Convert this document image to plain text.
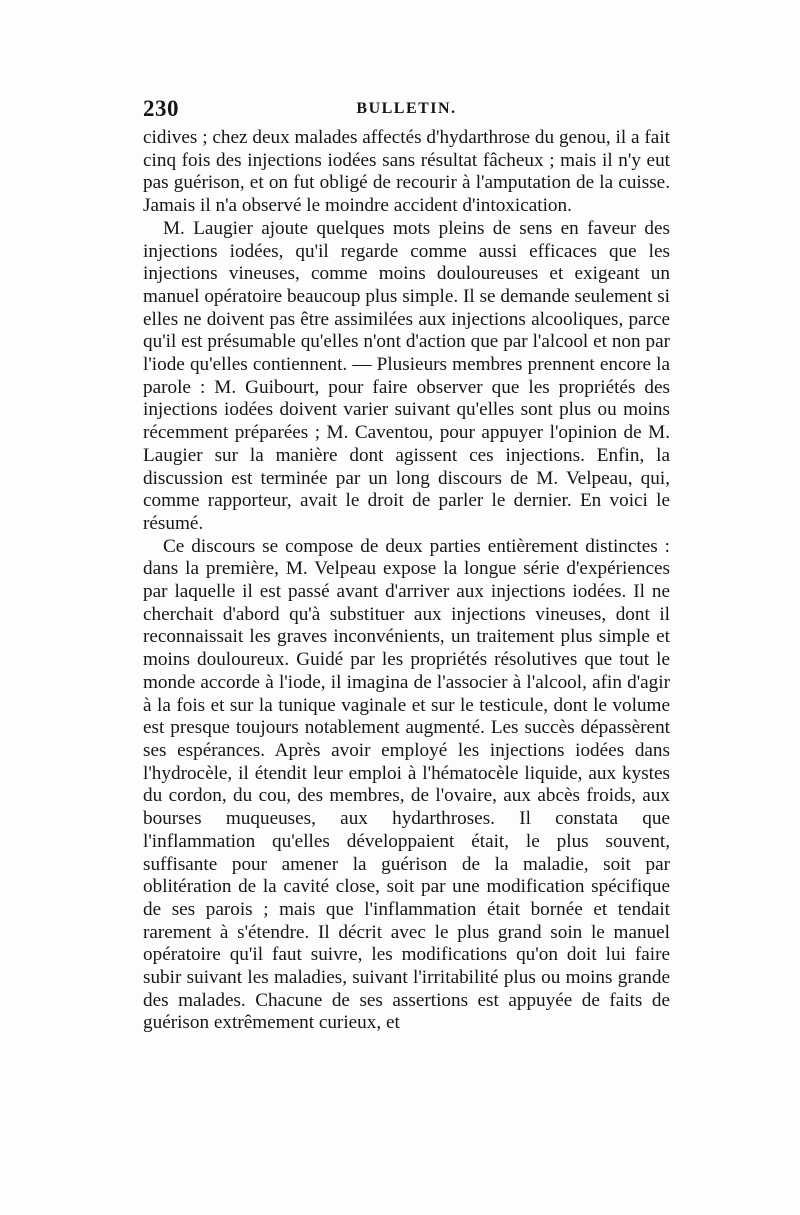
230	BULLETIN.

cidives ; chez deux malades affectés d'hydarthrose du genou, il a fait cinq fois des injections iodées sans résultat fâcheux ; mais il n'y eut pas guérison, et on fut obligé de recourir à l'amputation de la cuisse. Jamais il n'a observé le moindre accident d'intoxication.

M. Laugier ajoute quelques mots pleins de sens en faveur des injections iodées, qu'il regarde comme aussi efficaces que les injections vineuses, comme moins douloureuses et exigeant un manuel opératoire beaucoup plus simple. Il se demande seulement si elles ne doivent pas être assimilées aux injections alcooliques, parce qu'il est présumable qu'elles n'ont d'action que par l'alcool et non par l'iode qu'elles contiennent. — Plusieurs membres prennent encore la parole : M. Guibourt, pour faire observer que les propriétés des injections iodées doivent varier suivant qu'elles sont plus ou moins récemment préparées ; M. Caventou, pour appuyer l'opinion de M. Laugier sur la manière dont agissent ces injections. Enfin, la discussion est terminée par un long discours de M. Velpeau, qui, comme rapporteur, avait le droit de parler le dernier. En voici le résumé.

Ce discours se compose de deux parties entièrement distinctes : dans la première, M. Velpeau expose la longue série d'expériences par laquelle il est passé avant d'arriver aux injections iodées. Il ne cherchait d'abord qu'à substituer aux injections vineuses, dont il reconnaissait les graves inconvénients, un traitement plus simple et moins douloureux. Guidé par les propriétés résolutives que tout le monde accorde à l'iode, il imagina de l'associer à l'alcool, afin d'agir à la fois et sur la tunique vaginale et sur le testicule, dont le volume est presque toujours notablement augmenté. Les succès dépassèrent ses espérances. Après avoir employé les injections iodées dans l'hydrocèle, il étendit leur emploi à l'hématocèle liquide, aux kystes du cordon, du cou, des membres, de l'ovaire, aux abcès froids, aux bourses muqueuses, aux hydarthroses. Il constata que l'inflammation qu'elles développaient était, le plus souvent, suffisante pour amener la guérison de la maladie, soit par oblitération de la cavité close, soit par une modification spécifique de ses parois ; mais que l'inflammation était bornée et tendait rarement à s'étendre. Il décrit avec le plus grand soin le manuel opératoire qu'il faut suivre, les modifications qu'on doit lui faire subir suivant les maladies, suivant l'irritabilité plus ou moins grande des malades. Chacune de ses assertions est appuyée de faits de guérison extrêmement curieux, et
